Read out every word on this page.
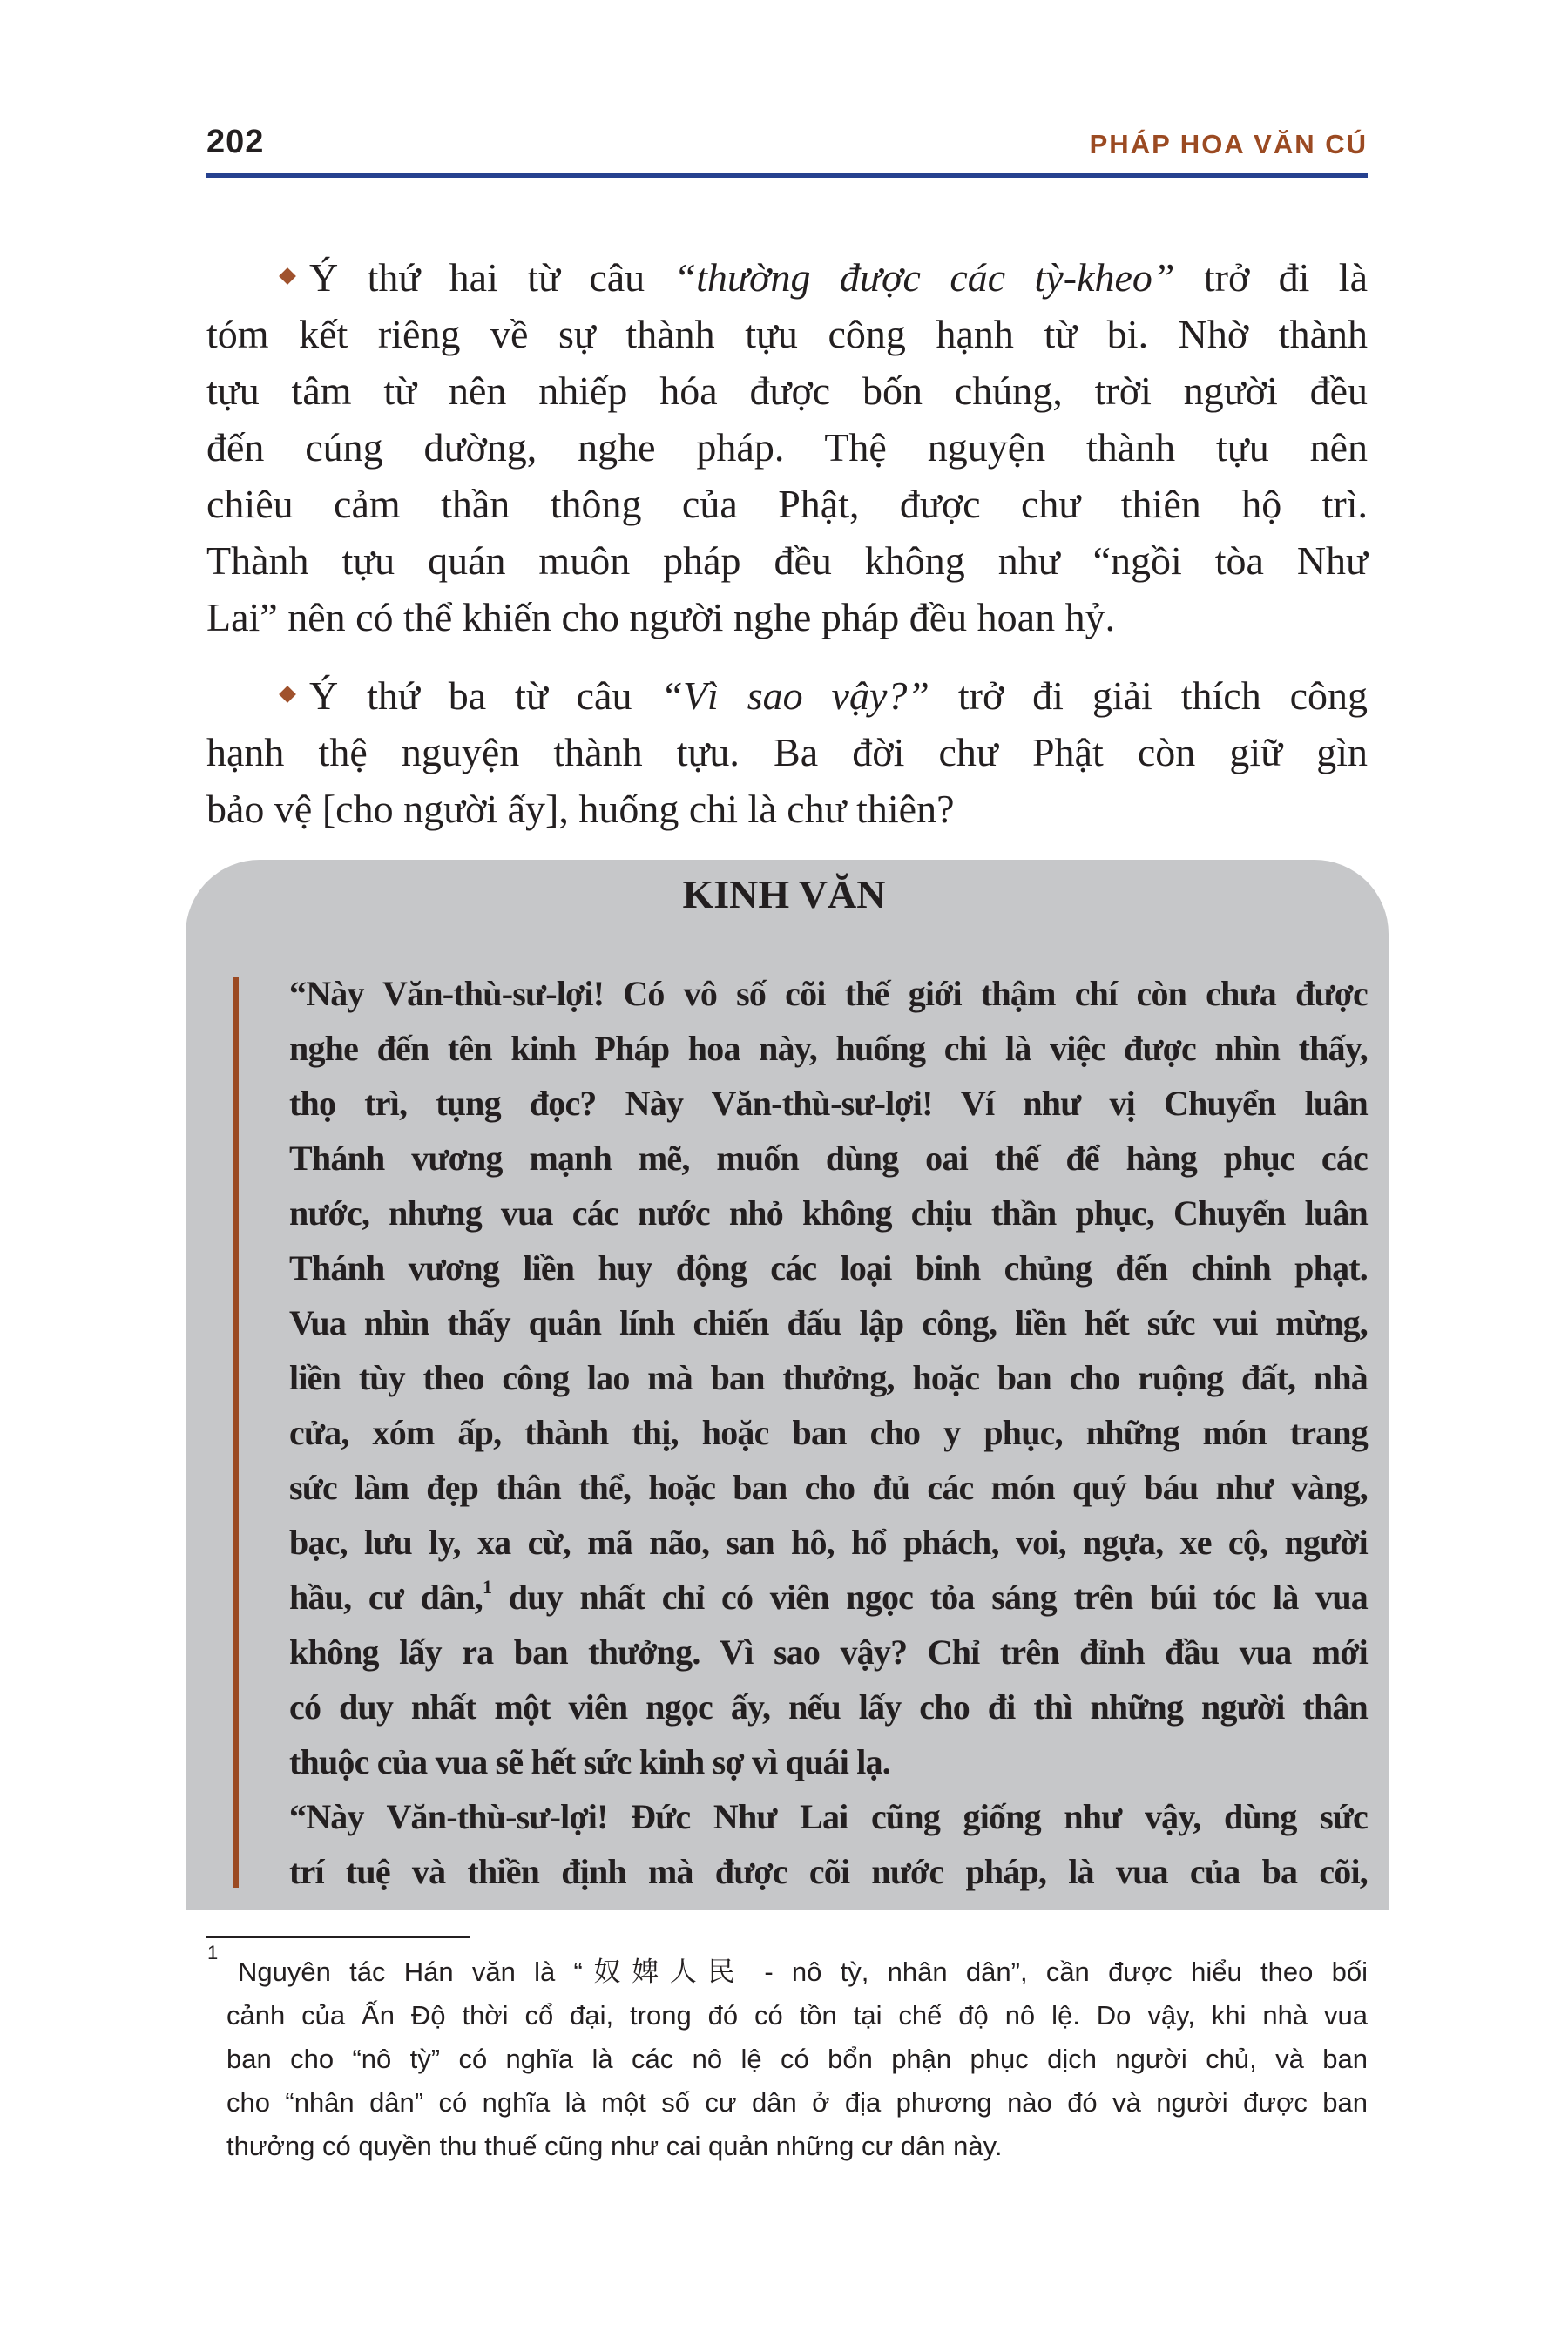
202	PHÁP HOA VĂN CÚ
Ý thứ hai từ câu “thường được các tỳ-kheo” trở đi là
tóm kết riêng về sự thành tựu công hạnh từ bi. Nhờ thành
tựu tâm từ nên nhiếp hóa được bốn chúng, trời người đều
đến cúng dường, nghe pháp. Thệ nguyện thành tựu nên
chiêu cảm thần thông của Phật, được chư thiên hộ trì.
Thành tựu quán muôn pháp đều không như “ngồi tòa Như
Lai” nên có thể khiến cho người nghe pháp đều hoan hỷ.
Ý thứ ba từ câu “Vì sao vậy?” trở đi giải thích công
hạnh thệ nguyện thành tựu. Ba đời chư Phật còn giữ gìn
bảo vệ [cho người ấy], huống chi là chư thiên?
KINH VĂN
“Này Văn-thù-sư-lợi! Có vô số cõi thế giới thậm chí còn chưa được
nghe đến tên kinh Pháp hoa này, huống chi là việc được nhìn thấy,
thọ trì, tụng đọc? Này Văn-thù-sư-lợi! Ví như vị Chuyển luân
Thánh vương mạnh mẽ, muốn dùng oai thế để hàng phục các
nước, nhưng vua các nước nhỏ không chịu thần phục, Chuyển luân
Thánh vương liền huy động các loại binh chủng đến chinh phạt.
Vua nhìn thấy quân lính chiến đấu lập công, liền hết sức vui mừng,
liền tùy theo công lao mà ban thưởng, hoặc ban cho ruộng đất, nhà
cửa, xóm ấp, thành thị, hoặc ban cho y phục, những món trang
sức làm đẹp thân thể, hoặc ban cho đủ các món quý báu như vàng,
bạc, lưu ly, xa cừ, mã não, san hô, hổ phách, voi, ngựa, xe cộ, người
hầu, cư dân,$^1$ duy nhất chỉ có viên ngọc tỏa sáng trên búi tóc là vua
không lấy ra ban thưởng. Vì sao vậy? Chỉ trên đỉnh đầu vua mới
có duy nhất một viên ngọc ấy, nếu lấy cho đi thì những người thân
thuộc của vua sẽ hết sức kinh sợ vì quái lạ.
“Này Văn-thù-sư-lợi! Đức Như Lai cũng giống như vậy, dùng sức
trí tuệ và thiền định mà được cõi nước pháp, là vua của ba cõi,
1
Nguyên tác Hán văn là “奴婢人民 - nô tỳ, nhân dân”, cần được hiểu theo bối
cảnh của Ấn Độ thời cổ đại, trong đó có tồn tại chế độ nô lệ. Do vậy, khi nhà vua
ban cho “nô tỳ” có nghĩa là các nô lệ có bổn phận phục dịch người chủ, và ban
cho “nhân dân” có nghĩa là một số cư dân ở địa phương nào đó và người được ban
thưởng có quyền thu thuế cũng như cai quản những cư dân này.
